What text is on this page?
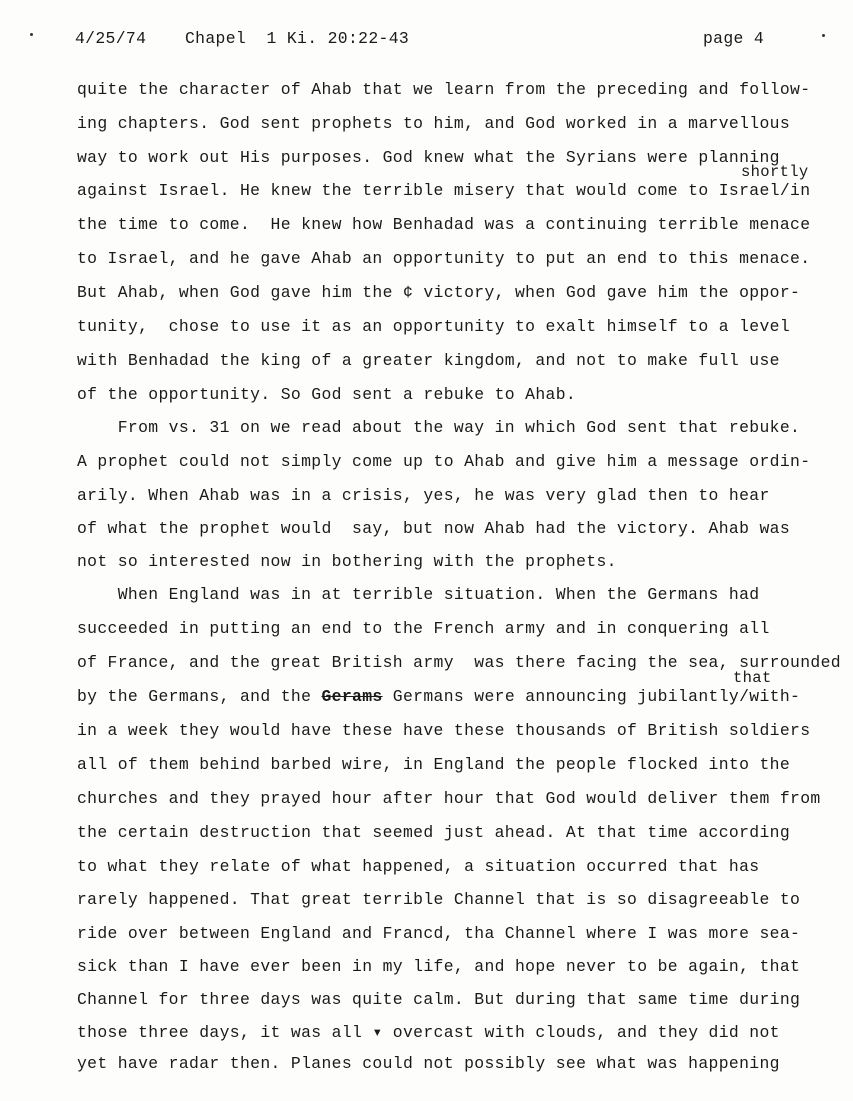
4/25/74 Chapel  1 Ki. 20:22-43	page 4
shortly
that
quite the character of Ahab that we learn from the preceding and follow-
ing chapters. God sent prophets to him, and God worked in a marvellous
way to work out His purposes. God knew what the Syrians were planning
against Israel. He knew the terrible misery that would come to Israel/in
the time to come.  He knew how Benhadad was a continuing terrible menace
to Israel, and he gave Ahab an opportunity to put an end to this menace.
But Ahab, when God gave him the ¢ victory, when God gave him the oppor-
tunity,  chose to use it as an opportunity to exalt himself to a level
with Benhadad the king of a greater kingdom, and not to make full use
of the opportunity. So God sent a rebuke to Ahab.
From vs. 31 on we read about the way in which God sent that rebuke.
A prophet could not simply come up to Ahab and give him a message ordin-
arily. When Ahab was in a crisis, yes, he was very glad then to hear
of what the prophet would  say, but now Ahab had the victory. Ahab was
not so interested now in bothering with the prophets.
When England was in at terrible situation. When the Germans had
succeeded in putting an end to the French army and in conquering all
of France, and the great British army  was there facing the sea, surrounded
by the Germans, and the Gerams Germans were announcing jubilantly/with-
in a week they would have these have these thousands of British soldiers
all of them behind barbed wire, in England the people flocked into the
churches and they prayed hour after hour that God would deliver them from
the certain destruction that seemed just ahead. At that time according
to what they relate of what happened, a situation occurred that has
rarely happened. That great terrible Channel that is so disagreeable to
ride over between England and Francd, tha Channel where I was more sea-
sick than I have ever been in my life, and hope never to be again, that
Channel for three days was quite calm. But during that same time during
those three days, it was all ▾ overcast with clouds, and they did not
yet have radar then. Planes could not possibly see what was happening
